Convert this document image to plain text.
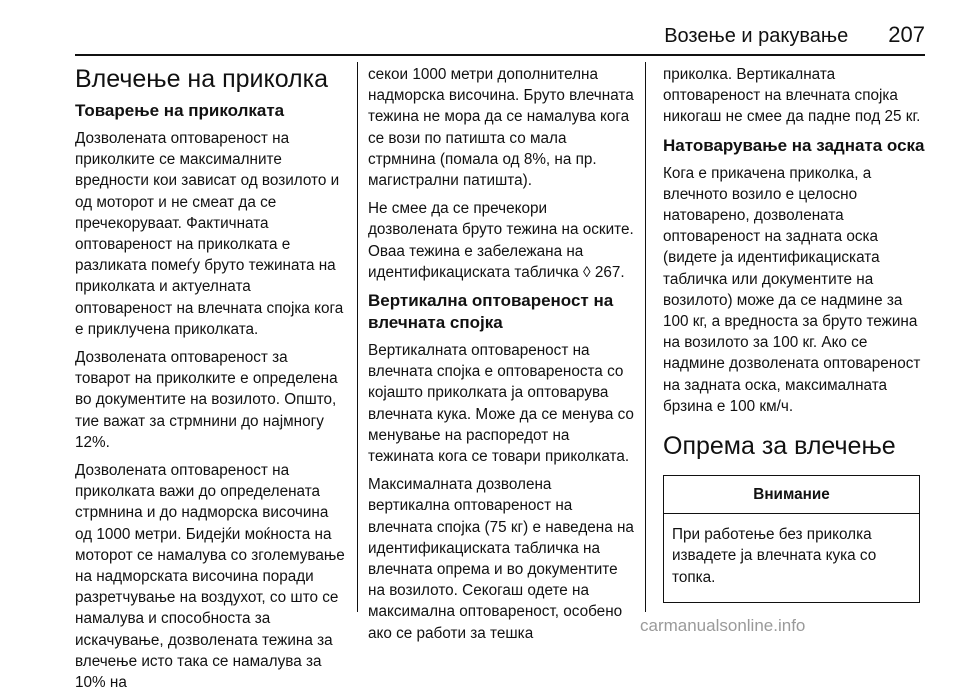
Возење и ракување 207
Влечење на приколка
Товарење на приколката

Дозволената оптовареност на приколките се максималните вредности кои зависат од возилото и од моторот и не смеат да се пречекоруваат. Фактичната оптовареност на приколката е разликата помеѓу бруто тежината на приколката и актуелната оптовареност на влечната спојка кога е приклучена приколката.

Дозволената оптовареност за товарот на приколките е определена во документите на возилото. Општо, тие важат за стрмнини до најмногу 12%.

Дозволената оптовареност на приколката важи до определената стрмнина и до надморска височина од 1000 метри. Бидејќи моќноста на моторот се намалува со зголемување на надморската височина поради разретчување на воздухот, со што се намалува и способноста за искачување, дозволената тежина за влечење исто така се намалува за 10% на

секои 1000 метри дополнителна надморска височина. Бруто влечната тежина не мора да се намалува кога се вози по патишта со мала стрмнина (помала од 8%, на пр. магистрални патишта).

Не смее да се пречекори дозволената бруто тежина на оските. Оваа тежина е забележана на идентификациската табличка ◊ 267.

Вертикална оптовареност на влечната спојка

Вертикалната оптовареност на влечната спојка е оптовареноста со којашто приколката ја оптоварува влечната кука. Може да се менува со менување на распоредот на тежината кога се товари приколката.

Максималната дозволена вертикална оптовареност на влечната спојка (75 кг) е наведена на идентификациската табличка на влечната опрема и во документите на возилото. Секогаш одете на максимална оптовареност, особено ако се работи за тешка

приколка. Вертикалната оптовареност на влечната спојка никогаш не смее да падне под 25 кг.

Натоварување на задната оска

Кога е прикачена приколка, а влечното возило е целосно натоварено, дозволената оптовареност на задната оска (видете ја идентификациската табличка или документите на возилото) може да се надмине за 100 кг, а вредноста за бруто тежина на возилото за 100 кг. Ако се надмине дозволената оптовареност на задната оска, максималната брзина е 100 км/ч.

Опрема за влечење
Внимание
При работење без приколка извадете ја влечната кука со топка.
carmanualsonline.info
